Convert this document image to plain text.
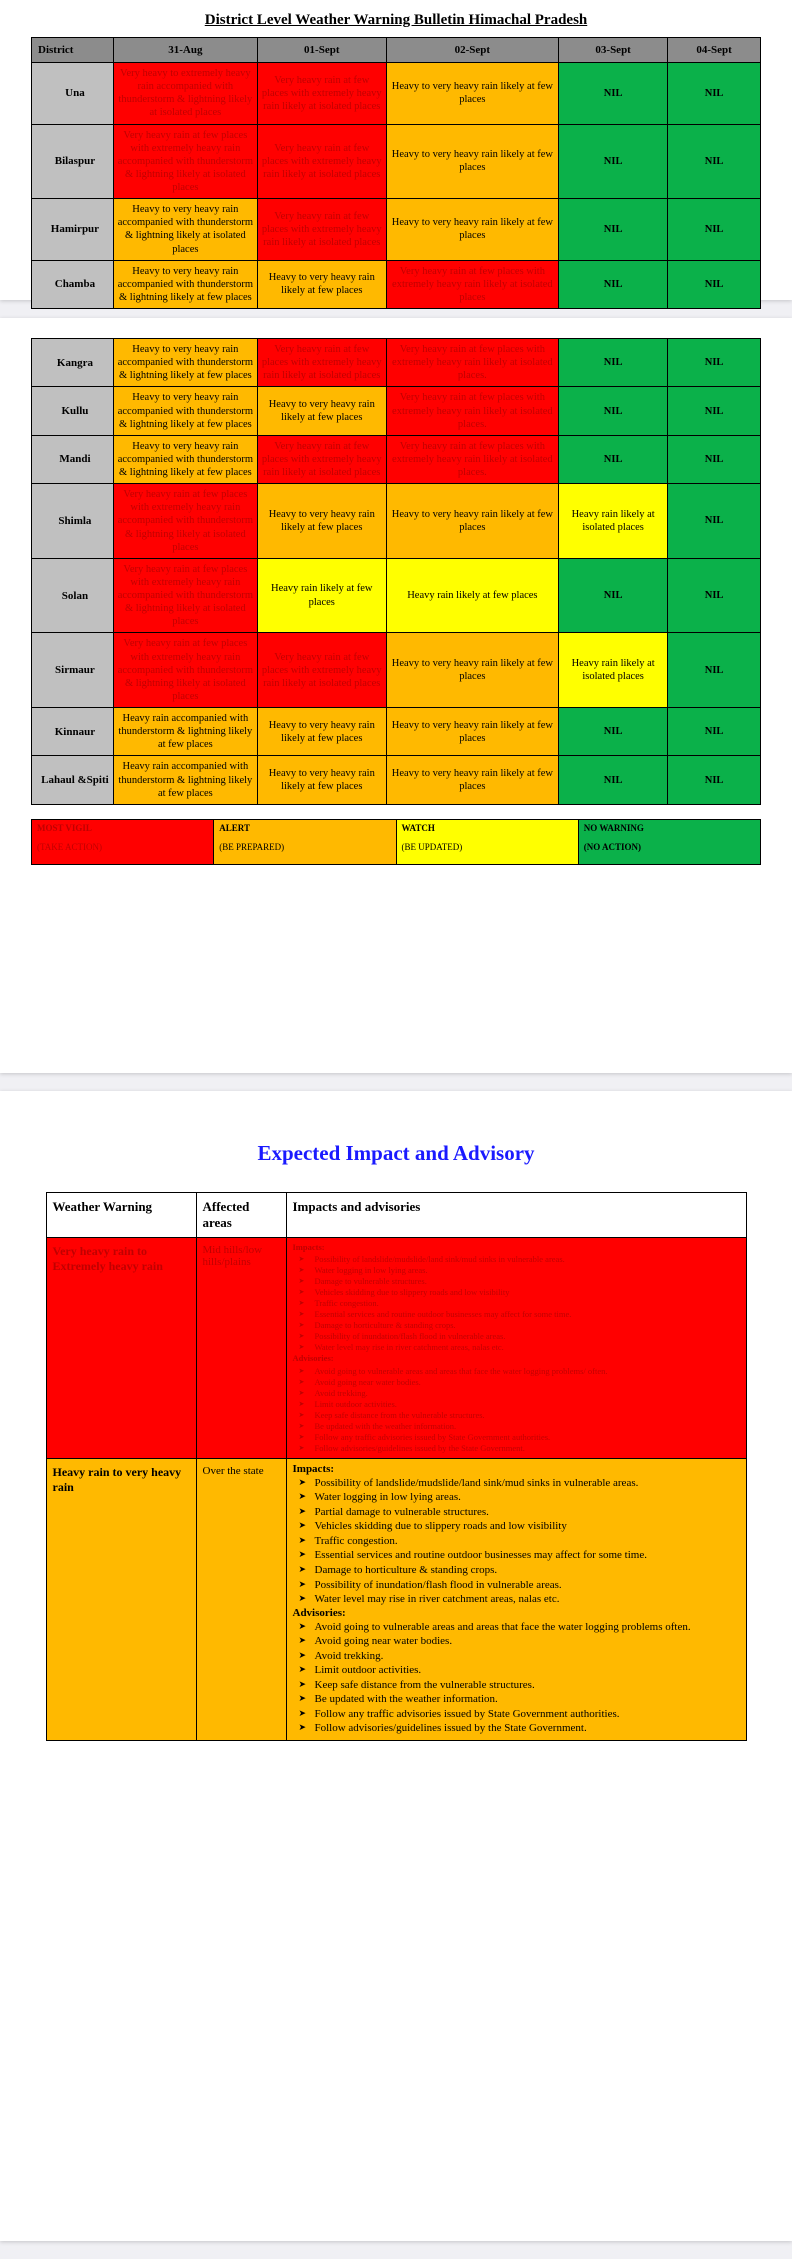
District Level Weather Warning Bulletin Himachal Pradesh
District	31-Aug	01-Sept	02-Sept	03-Sept	04-Sept
Una	Very heavy to extremely heavy rain accompanied with thunderstorm & lightning likely at isolated places	Very heavy rain at few places with extremely heavy rain likely at isolated places	Heavy to very heavy rain likely at few places	NIL	NIL
Bilaspur	Very heavy rain at few places with extremely heavy rain accompanied with thunderstorm & lightning likely at isolated places	Very heavy rain at few places with extremely heavy rain likely at isolated places	Heavy to very heavy rain likely at few places	NIL	NIL
Hamirpur	Heavy to very heavy rain accompanied with thunderstorm & lightning likely at isolated places	Very heavy rain at few places with extremely heavy rain likely at isolated places	Heavy to very heavy rain likely at few places	NIL	NIL
Chamba	Heavy to very heavy rain accompanied with thunderstorm & lightning likely at few places	Heavy to very heavy rain likely at few places	Very heavy rain at few places with extremely heavy rain likely at isolated places	NIL	NIL
Kangra	Heavy to very heavy rain accompanied with thunderstorm & lightning likely at few places	Very heavy rain at few places with extremely heavy rain likely at isolated places	Very heavy rain at few places with extremely heavy rain likely at isolated places.	NIL	NIL
Kullu	Heavy to very heavy rain accompanied with thunderstorm & lightning likely at few places	Heavy to very heavy rain likely at few places	Very heavy rain at few places with extremely heavy rain likely at isolated places.	NIL	NIL
Mandi	Heavy to very heavy rain accompanied with thunderstorm & lightning likely at few places	Very heavy rain at few places with extremely heavy rain likely at isolated places	Very heavy rain at few places with extremely heavy rain likely at isolated places.	NIL	NIL
Shimla	Very heavy rain at few places with extremely heavy rain accompanied with thunderstorm & lightning likely at isolated places	Heavy to very heavy rain likely at few places	Heavy to very heavy rain likely at few places	Heavy rain likely at isolated places	NIL
Solan	Very heavy rain at few places with extremely heavy rain accompanied with thunderstorm & lightning likely at isolated places	Heavy rain likely at few places	Heavy rain likely at few places	NIL	NIL
Sirmaur	Very heavy rain at few places with extremely heavy rain accompanied with thunderstorm & lightning likely at isolated places	Very heavy rain at few places with extremely heavy rain likely at isolated places	Heavy to very heavy rain likely at few places	Heavy rain likely at isolated places	NIL
Kinnaur	Heavy rain accompanied with thunderstorm & lightning likely at few places	Heavy to very heavy rain likely at few places	Heavy to very heavy rain likely at few places	NIL	NIL
Lahaul &Spiti	Heavy rain accompanied with thunderstorm & lightning likely at few places	Heavy to very heavy rain likely at few places	Heavy to very heavy rain likely at few places	NIL	NIL
MOST VIGIL
(TAKE ACTION)

ALERT
(BE PREPARED)

WATCH
(BE UPDATED)

NO WARNING
(NO ACTION)
Expected Impact and Advisory
Weather Warning	Affected areas	Impacts and advisories
Very heavy rain to Extremely heavy rain	Mid hills/low hills/plains	
Impacts:
➤ Possibility of landslide/mudslide/land sink/mud sinks in vulnerable areas.
➤ Water logging in low lying areas.
➤ Damage to vulnerable structures.
➤ Vehicles skidding due to slippery roads and low visibility
➤ Traffic congestion.
➤ Essential services and routine outdoor businesses may affect for some time.
➤ Damage to horticulture & standing crops.
➤ Possibility of inundation/flash flood in vulnerable areas.
➤ Water level may rise in river catchment areas, nalas etc.
Advisories:
➤ Avoid going to vulnerable areas and areas that face the water logging problems/ often.
➤ Avoid going near water bodies.
➤ Avoid trekking.
➤ Limit outdoor activities.
➤ Keep safe distance from the vulnerable structures.
➤ Be updated with the weather information.
➤ Follow any traffic advisories issued by State Government authorities.
➤ Follow advisories/guidelines issued by the State Government.

Heavy rain to very heavy rain	Over the state	Impacts:
➤ Possibility of landslide/mudslide/land sink/mud sinks in vulnerable areas.
➤ Water logging in low lying areas.
➤ Partial damage to vulnerable structures.
➤ Vehicles skidding due to slippery roads and low visibility
➤ Traffic congestion.
➤ Essential services and routine outdoor businesses may affect for some time.
➤ Damage to horticulture & standing crops.
➤ Possibility of inundation/flash flood in vulnerable areas.
➤ Water level may rise in river catchment areas, nalas etc.
Advisories:
➤ Avoid going to vulnerable areas and areas that face the water logging problems often.
➤ Avoid going near water bodies.
➤ Avoid trekking.
➤ Limit outdoor activities.
➤ Keep safe distance from the vulnerable structures.
➤ Be updated with the weather information.
➤ Follow any traffic advisories issued by State Government authorities.
➤ Follow advisories/guidelines issued by the State Government.
